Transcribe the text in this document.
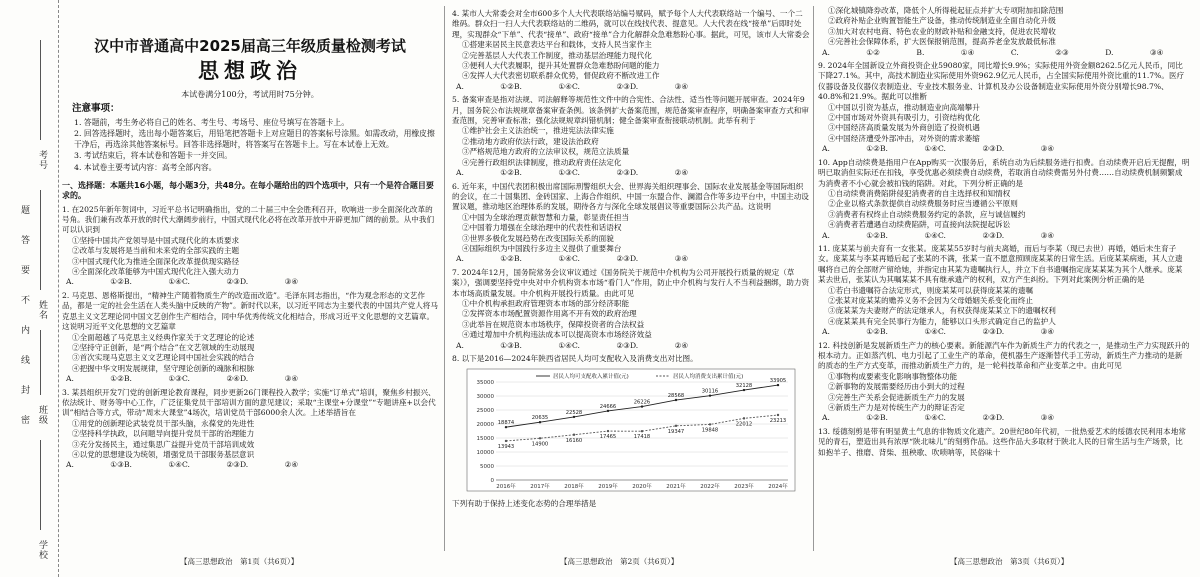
考号
姓名
班级
学校
题
答
要
不
内
线
封
密
汉中市普通高中2025届高三年级质量检测考试
思想政治
本试卷满分100分，考试用时75分钟。
注意事项：

1. 答题前，考生务必将自己的姓名、考生号、考场号、座位号填写在答题卡上。

2. 回答选择题时，选出每小题答案后，用铅笔把答题卡上对应题目的答案标号涂黑。如需改动，用橡皮擦干净后，再选涂其他答案标号。回答非选择题时，将答案写在答题卡上。写在本试卷上无效。

3. 考试结束后，将本试卷和答题卡一并交回。

4. 本试卷主要考试内容：高考全部内容。

一、选择题：本题共16小题，每小题3分，共48分。在每小题给出的四个选项中，只有一个是符合题目要求的。

1. 在2025年新年贺词中，习近平总书记明确指出，党的二十届三中全会胜利召开，吹响进一步全面深化改革的号角。我们兼有改革开放的时代大潮阔步前行，中国式现代化必将在改革开放中开辟更加广阔的前景。从中我们可以认识到

①坚持中国共产党领导是中国式现代化的本质要求

②改革与发展将是当前和未来党的全部实践的主题

③中国式现代化为推进全面深化改革提供现实路径

④全面深化改革能够为中国式现代化注入强大动力

A. ①②B. ①④C. ②③D. ③④

2. 马克思、恩格斯提出，“精神生产随着物质生产的改造而改造”。毛泽东同志指出，“作为观念形态的文艺作品，都是一定的社会生活在人类头脑中反映的产物”。新时代以来，以习近平同志为主要代表的中国共产党人将马克思主义文艺理论同中国文艺创作生产相结合，同中华优秀传统文化相结合，形成习近平文化思想的文艺篇章。这说明习近平文化思想的文艺篇章

①全面超越了马克思主义经典作家关于文艺理论的论述

②坚持守正创新，是“两个结合”在文艺领域的生动展现

③首次实现马克思主义文艺理论同中国社会实践的结合

④把握中华文明发展规律，坚守理论创新的魂脉和根脉

A. ①②B. ①③C. ②④D. ③④

3. 某县组织开发7门党的创新理论教育课程，同步更新26门课程投入教学；实施“订单式”培训，聚焦乡村振兴、依法统计、财务等中心工作，广泛征集党员干部培训方面的意见建议；采取“主课堂+分课堂”“专题讲座+以会代训”相结合等方式，带动“周末大课堂”4场次，培训党员干部6000余人次。上述举措旨在

①用党的创新理论武装党员干部头脑，永葆党的先进性

②坚持科学执政，以问题导向提升党员干部的治理能力

③充分发扬民主，通过集思广益提升党员干部培训成效

④以党的思想建设为统领，增强党员干部服务基层意识

A. ①③B. ①④C. ②③D. ②④

4. 某市人大常委会对全市600多个人大代表联络站编号赋码，赋予每个人大代表联络站一个编号、一个二维码。群众扫一扫人大代表联络站的二维码，就可以在线找代表、提意见。人大代表在线“接单”后即时处理，实现群众“下单”、代表“接单”、政府“接单”合力化解群众急难愁盼心事。据此，可见，该市人大常委会

①搭建来居民主民意表达平台和载体，支持人民当家作主

②完善基层人大代表工作制度，推动基层治理能力现代化

③便利人大代表履职，提升其处置群众急难愁盼问题的能力

④发挥人大代表密切联系群众优势，督促政府不断改进工作

A. ①②B. ①④C. ②③D. ③④

5. 备案审查是指对法规、司法解释等规范性文件中的合宪性、合法性、适当性等问题开展审查。2024年9月，国务院公布法规规章备案审查条例。该条例扩大备案范围，规范备案审查程序，明确备案审查方式和审查范围，完善审查标准；强化法规规章纠错机制；健全备案审查衔接联动机制。此举有利于

①维护社会主义法治统一，推进宪法法律实施

②推动地方政府依法行政，建设法治政府

③严格规范地方政府的立法审议权，规范立法质量

④完善行政组织法律制度，推动政府责任法定化

A. ①②B. ①③C. ②③D. ②④

6. 近年来，中国代表团积极出席国际刑警组织大会、世界海关组织理事会、国际农业发展基金等国际组织的会议，在二十国集团、金砖国家、上海合作组织、中国一东盟合作、澜湄合作等多边平台中，中国主动设置议题，推动地区治理体系的发展，期待各方与深化全球发展倡议等重要国际公共产品。这说明

①中国为全球治理贡献智慧和力量，彰显责任担当

②中国着力增强在全球治理中的代表性和话语权

③世界多极化发展趋势在改变国际关系的面貌

④国际组织为中国践行多边主义提供了重要舞台

A. ①②B. ①④C. ②③D. ③④

7. 2024年12月，国务院常务会议审议通过《国务院关于规范中介机构为公司开展投行质量的规定（草案）》，强调要坚持党中央对中介机构资本市场“看门人”作用，防止中介机构与发行人不当利益捆绑，助力资本市场高质量发展。中介机构开展投行质量。由此可见

①中介机构承担政府管理资本市场的部分经济职能

②发挥资本市场配置资源作用离不开有效的政府治理

③此举旨在规范资本市场秩序，保障投资者的合法权益

④通过增加中介机构违法成本可以提高资本市场经济效益

A. ①③B. ①④C. ②③D. ②④

8. 以下是2016—2024年陕西省居民人均可支配收入及消费支出对比图。

0
5000
10000
15000
20000
25000
30000
35000
2016年	2017年	2018年	2019年	2020年	2021年	2022年	2023年	2024年
18874
20635
22528
24666
26226
28568
30116
32128
33905
居民人均可支配收入累计值(元)
13943	14900
16160
17465	17418
19347	19848
22012
23213
居民人均消费支出累计值(元)

下列有助于保持上述变化态势的合理举措是

①深化城镇降券改革，降低个人所得税起征点并扩大专项附加扣除范围

②政府补贴企业购置智能生产设备，推动传统制造业全面自动化升级

③加大对农村电商、特色农业的财政补贴和金融支持，促进农民增收

④完善社会保障体系，扩大医保报销范围，提高养老金发放最低标准

A. ①②	B. ①④	C. ②③	D. ③④

9. 2024年全国新设立外商投资企业59080家，同比增长9.9%；实际使用外资金额8262.5亿元人民币，同比下降27.1%。其中，高技术制造业实际使用外资962.9亿元人民币，占全国实际使用外资比重的11.7%。医疗仪器设备及仪器仪表制造业、专业技术服务业、计算机及办公设备制造业实际使用外资分别增长98.7%、40.8%和21.9%。据此可以推断

①中国以引资为基点，推动制造业向高端攀升

②中国市场对外资具有吸引力，引资结构优化

③中国经济高质量发展为外商创造了投资机遇

④中国经济遭受外部冲击，对外资的需求萎缩

A. ①②B. ①④C. ②③D. ③④

10. App自动续费是指用户在App购买一次服务后，系统自动为后续服务进行扣费。自动续费开启后无提醒，明明已取消但实际还在扣钱，享受优惠必须续费自动续费，若取消自动续费需另外付费……自动续费机制频繁成为消费者不小心就会被扣钱的陷阱。对此，下列分析正确的是

①自动续费消费陷阱侵犯消费者的自主选择权和知情权

②企业以格式条款提供自动续费服务时应当遵循公平原则

③消费者有权终止自动续费服务约定的条款，应与诚信履约

④消费者若遭遇自动续费陷阱，可直接向法院提起诉讼

A. ①②B. ①④C. ②③D. ③④

11. 庞某某与前夫育有一女张某。庞某某55岁时与前夫离婚，而后与李某（现已去世）再婚，婚后未生育子女。庞某某与李某再婚后起了张某的不满，张某一直不愿意照顾庞某某的日常生活。后庞某某病逝，其人立遗嘱将自己的全部财产留给她，并指定由其某为遗嘱执行人，并立下自书遗嘱指定庞某某某为其个人继承。庞某某去世后，张某认为其嘱某某不具有继承遗产的权利，双方产生纠纷。下列对此案例分析正确的是

①若白书遗嘱符合法定形式，则庞某某可以获得庞某某的遗嘱

②张某对庞某某的赡养义务不会因为父母婚姻关系变化而终止

③庞某某为夫妻财产的法定继承人，有权获得庞某某立下的遗嘱权利

④庞某某具有完全民事行为能力，能够以口头形式确定自己的监护人

A. ①②B. ①④C. ②③D. ③④

12. 科技创新是发展新质生产力的核心要素。新能源汽车作为新质生产力的代表之一，是推动生产力实现跃升的根本动力。正如蒸汽机、电力引起了工业生产的革命，使机器生产逐渐替代手工劳动，新质生产力推动的是新的质态的生产方式变革，而推动新质生产力的，是一轮科技革命和产业变革之中。由此可见

①事物构成要素变化影响事物整体功能

②新事物的发展需要经历由小到大的过程

③完善生产关系会促进新质生产力的发展

④新质生产力是对传统生产力的辩证否定

A. ①②B. ①④C. ②③D. ③④

13. 绥德刻剪是带有明显黄土气息的非物质文化遗产。20世纪80年代初，一批热爱艺术的绥德农民利用本地常见的青石，塑造出具有浓厚“陕北味儿”的刻剪作品。这些作品大多取材于陕北人民的日常生活与生产场景，比如抱羊子、推磨、背柴、扭秧歌、吹唢呐等，民俗味十

【高三思想政治　第1页（共6页）】	【高三思想政治　第2页（共6页）】	【高三思想政治　第3页（共6页）】
